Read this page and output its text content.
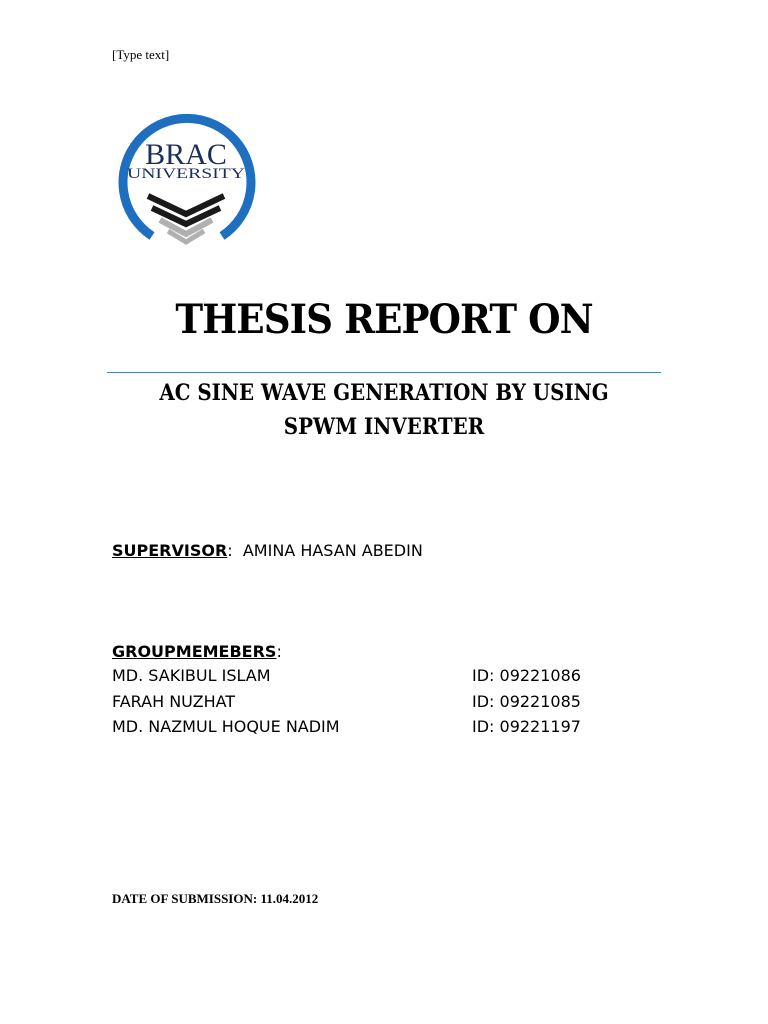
[Type text]
BRAC
UNIVERSITY
THESIS REPORT ON
AC SINE WAVE GENERATION BY USING
SPWM INVERTER
SUPERVISOR: AMINA HASAN ABEDIN
GROUPMEMEBERS:
MD. SAKIBUL ISLAM	ID: 09221086
FARAH NUZHAT	ID: 09221085
MD. NAZMUL HOQUE NADIM	ID: 09221197
DATE OF SUBMISSION: 11.04.2012
